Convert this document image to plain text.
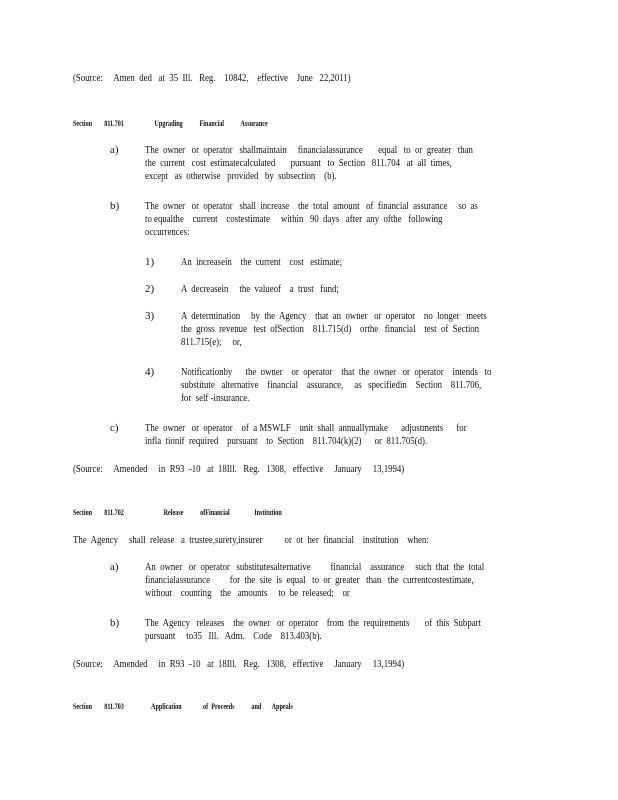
(Source:     Amen  ded   at  35  Ill.   Reg.    10842,    effective    June   22,2011)
Section        811.701                    Upgrading           Financial           Assurance
a) The  owner   or  operator   shallmaintain     financialassurance       equal   to  or  greater   than
the  current   cost  estimatecalculated       pursuant   to  Section   811.704   at  all  times,
except   as  otherwise   provided   by  subsection    (b).
b) The  owner   or  operator   shall  increase    the  total  amount   of  financial  assurance     so  as
to equalthe    current    costestimate     within   90  days   after  any  ofthe   following
occurrences:
1) An  increasein    the  current    cost   estimate;
2) A  decreasein     the  valueof    a  trust   fund;
3) A  determination     by  the  Agency    that  an  owner   or  operator    no  longer   meets
the  gross  revenue   test  ofSection    811.715(d)    orthe   financial    test  of  Section
811.715(e);     or,
4) Notificationby      the  owner    or  operator    that  the  owner   or  operator    intends   to
substitute   alternative    financial    assurance,     as   specifiedin    Section    811.706,
for  self -insurance.
c) The  owner   or  operator    of  a MSWLF    unit  shall  annuallymake      adjustments      for
infla  tionif  required    pursuant    to  Section    811.704(k)(2)      or  811.705(d).
(Source:     Amended     in  R93  -10   at  18Ill.   Reg.   1308,   effective     January     13,1994)
Section        811.702                          Release           ofFinancial                Institution
The  Agency     shall  release   a  trustee,surety,insurer          or  ot  her  financial    institution    when:
a) An  owner   or  operator   substitutesalternative         financial    assurance     such  that  the  total
financialassurance         for  the  site  is  equal   to  or  greater   than   the  currentcostestimate,
without    counting    the   amounts     to  be  released;    or
b) The  Agency   releases    the  owner   or  operator    from  the  requirements       of  this  Subpart
pursuant     to35   Ill.   Adm.    Code    813.403(b).
(Source:     Amended     in  R93  -10   at  18Ill.   Reg.   1308,   effective     January     13,1994)
Section        811.703                  Application              of  Proceeds           and       Appeals
